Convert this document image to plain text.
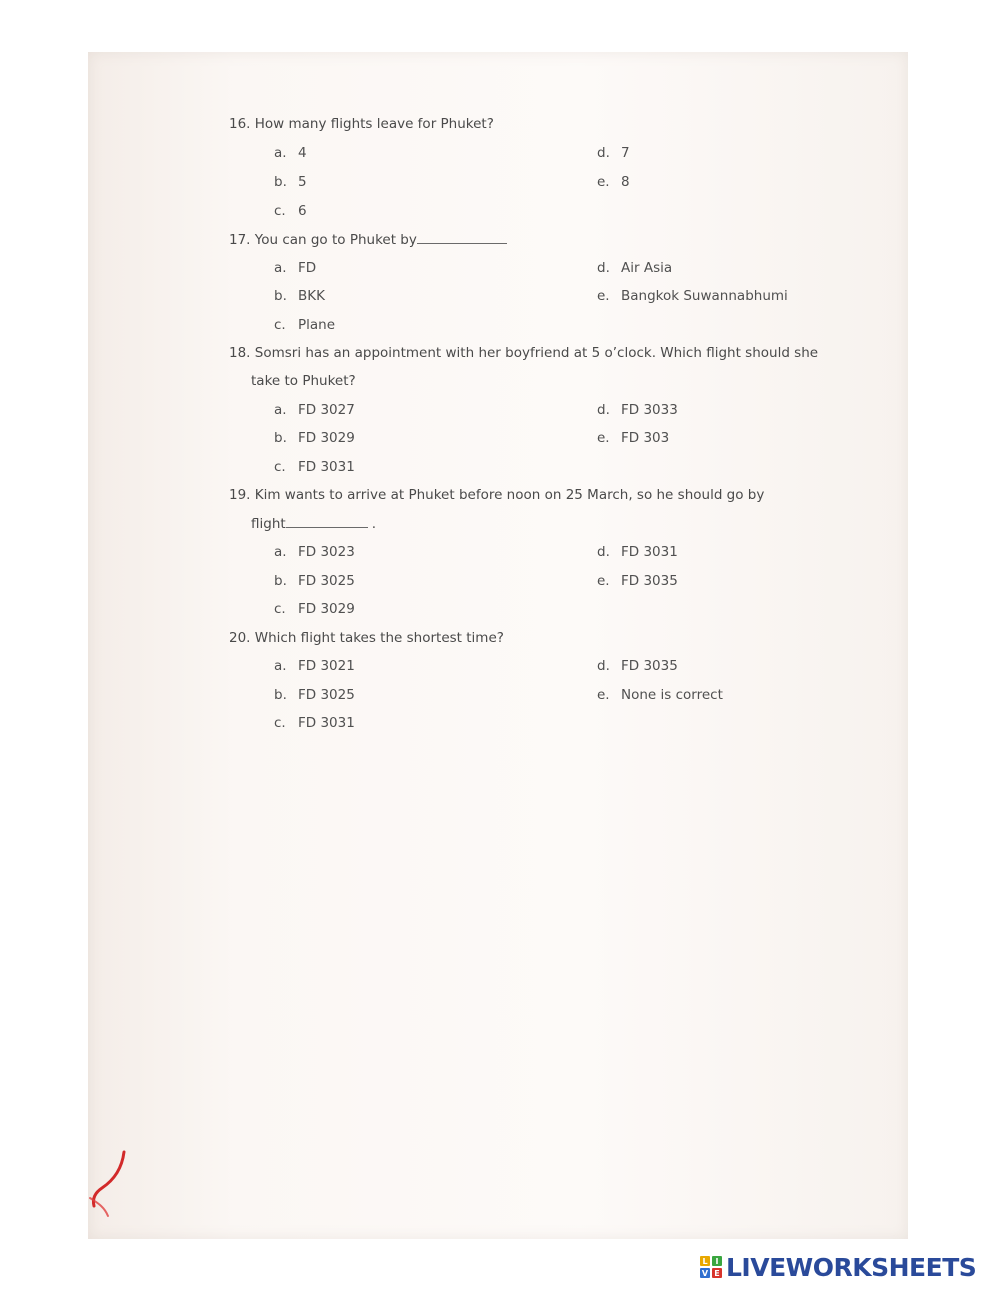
16. How many flights leave for Phuket?
a. 4
b. 5
c. 6
d. 7
e. 8
17. You can go to Phuket by
a. FD
b. BKK
c. Plane
d. Air Asia
e. Bangkok Suwannabhumi
18. Somsri has an appointment with her boyfriend at 5 o’clock. Which flight should she
take to Phuket?
a. FD 3027
b. FD 3029
c. FD 3031
d. FD 3033
e. FD 303
19. Kim wants to arrive at Phuket before noon on 25 March, so he should go by
flight	.
a. FD 3023
b. FD 3025
c. FD 3029
d. FD 3031
e. FD 3035
20. Which flight takes the shortest time?
a. FD 3021
b. FD 3025
c. FD 3031
d. FD 3035
e. None is correct
L I
V E LIVEWORKSHEETS
